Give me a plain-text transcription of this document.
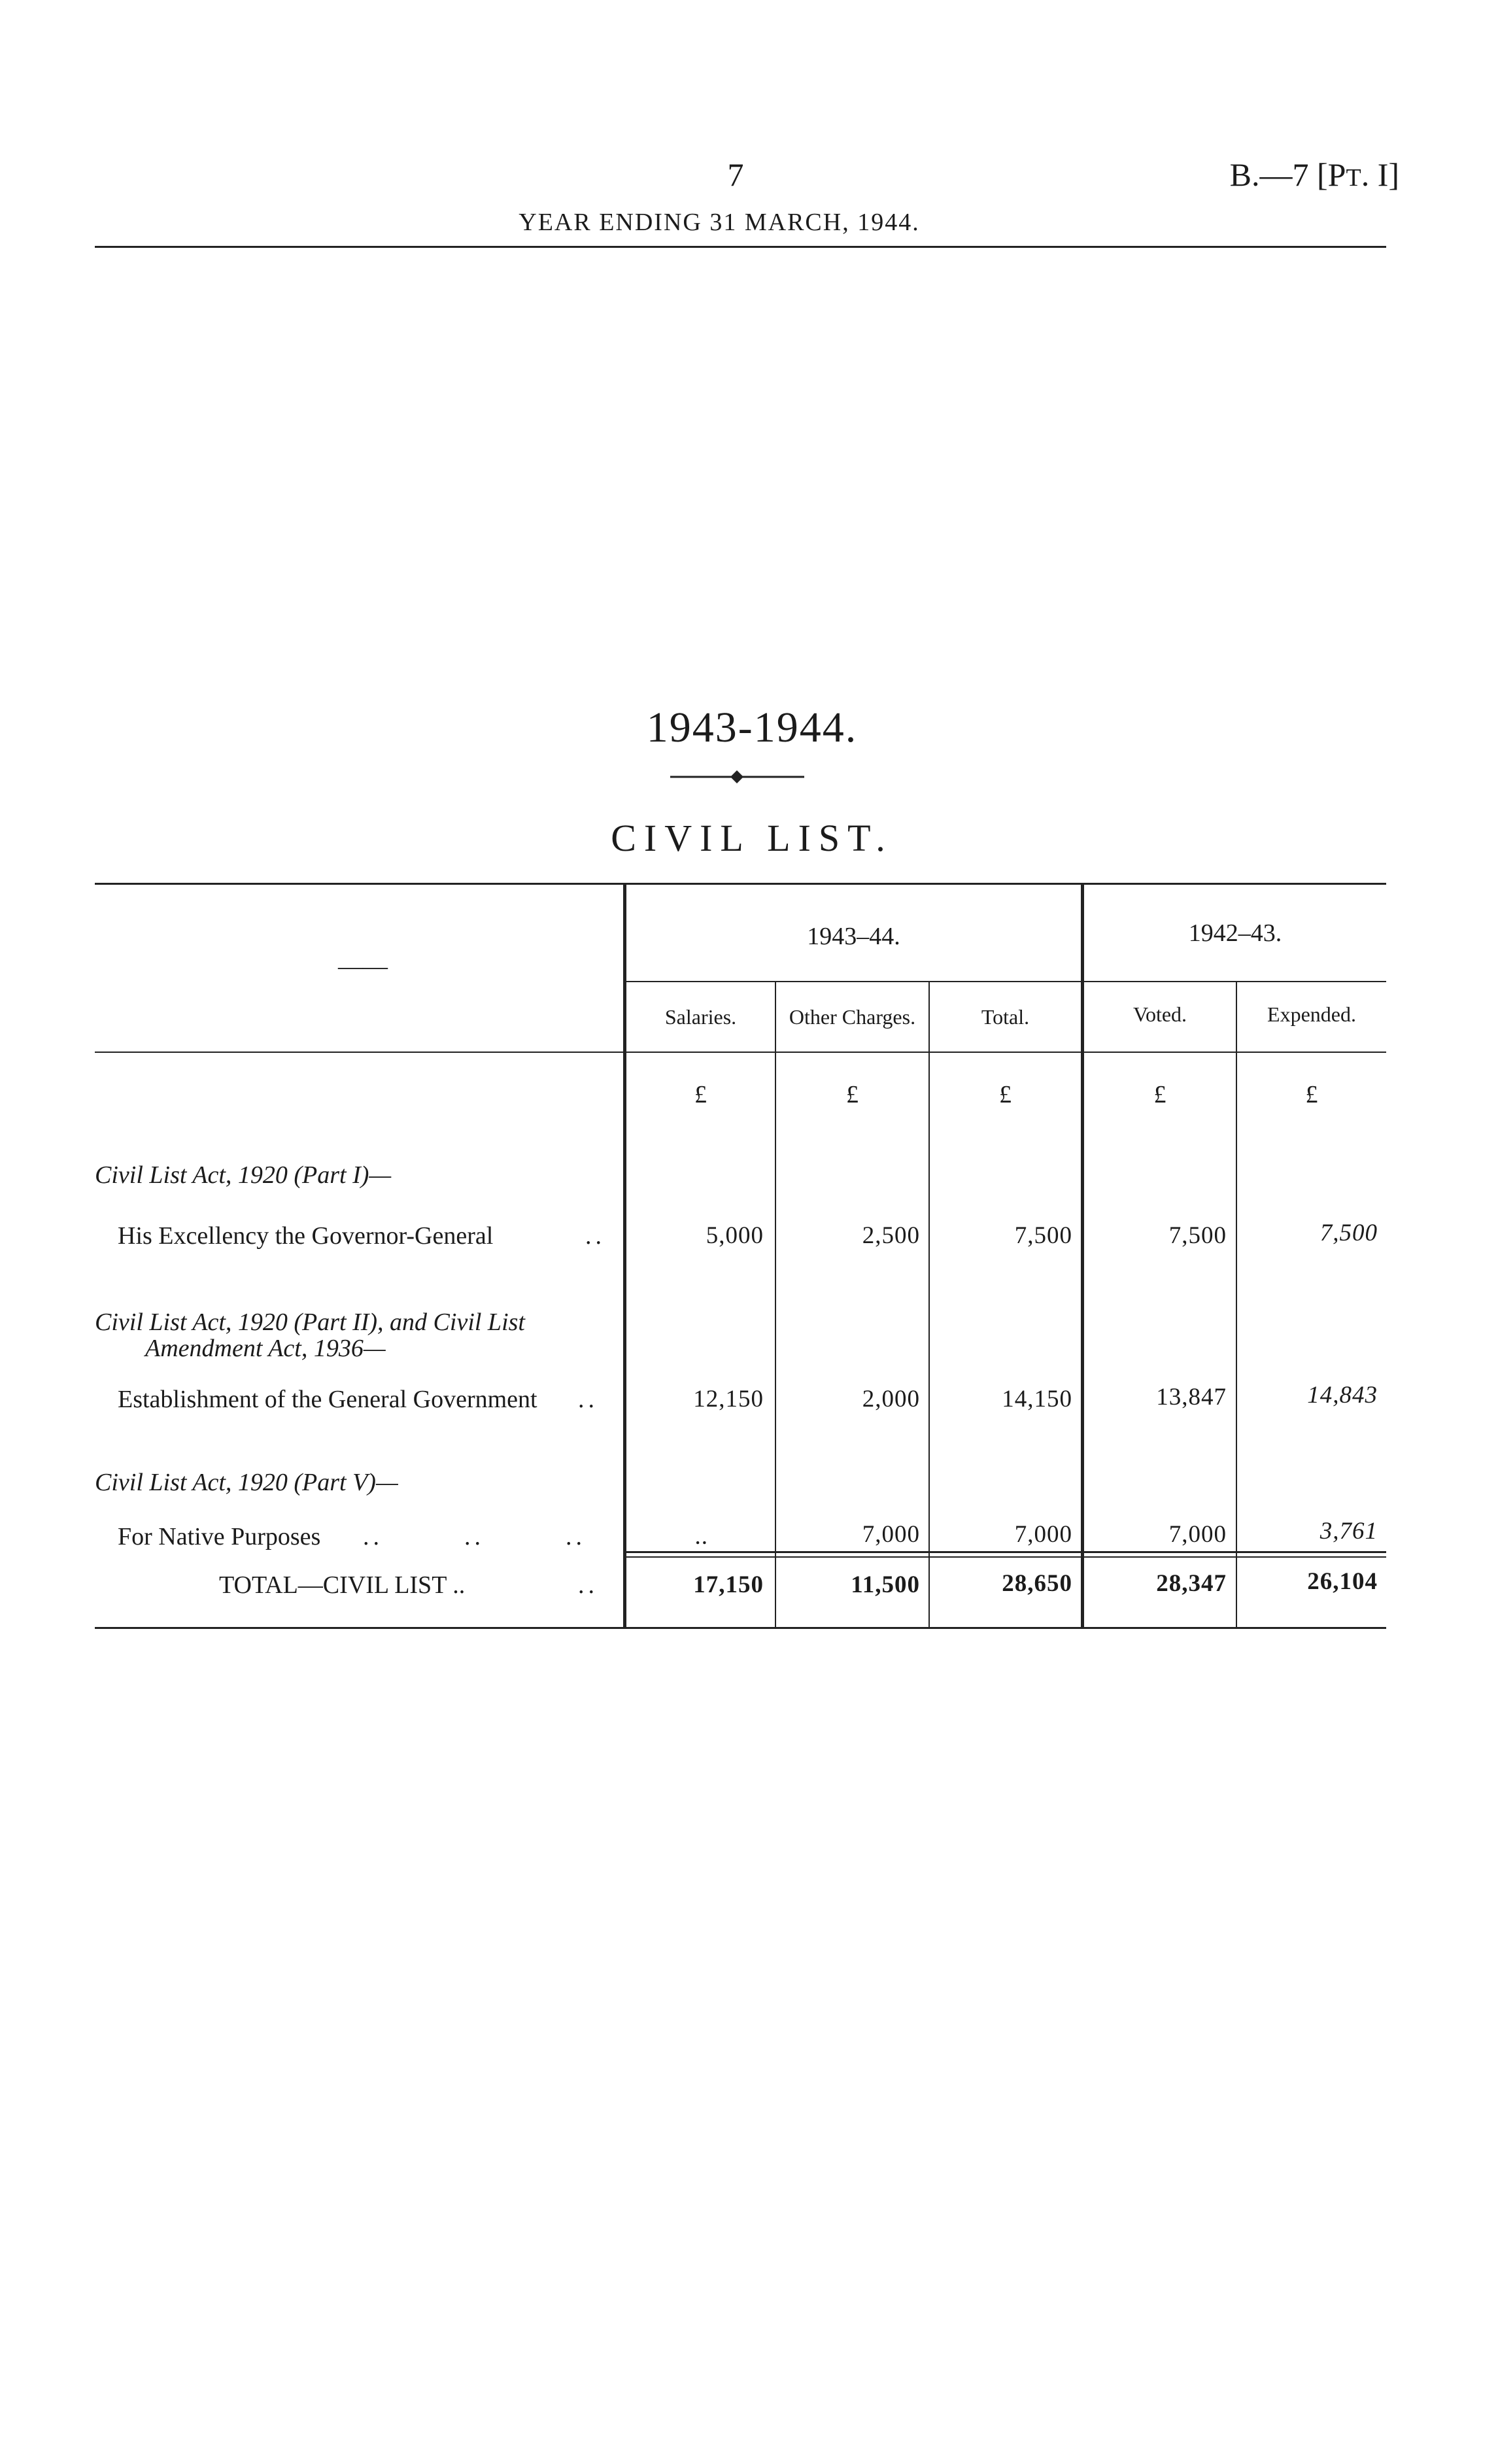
7	B.—7 [PT. I]
YEAR ENDING 31 MARCH, 1944.
1943-1944.
CIVIL LIST.
——
1943–44.	1942–43.
Salaries.	Other Charges.	Total.	Voted.	Expended.
£	£	£	£	£
Civil List Act, 1920 (Part I)—
His Excellency the Governor-General	..	5,000	2,500	7,500	7,500	7,500
Civil List Act, 1920 (Part II), and Civil List
Amendment Act, 1936—
Establishment of the General Government ..	12,150	2,000	14,150	13,847	14,843
Civil List Act, 1920 (Part V)—
For Native Purposes ..        ..        ..	..	7,000	7,000	7,000	3,761
TOTAL—CIVIL LIST ..	..	17,150	11,500	28,650	28,347	26,104
